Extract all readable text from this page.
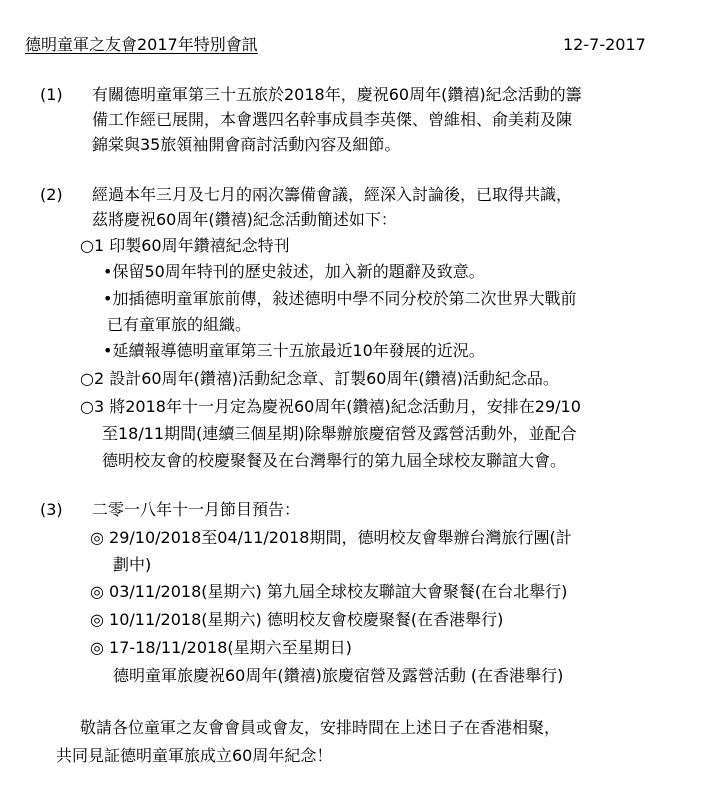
德明童軍之友會2017年特別會訊	12-7-2017
(1)	有關德明童軍第三十五旅於2018年，慶祝60周年(鑽禧)紀念活動的籌
備工作經已展開，本會選四名幹事成員李英傑、曾維相、俞美莉及陳
錦棠與35旅領袖開會商討活動內容及細節。
(2)	經過本年三月及七月的兩次籌備會議，經深入討論後，已取得共識，
茲將慶祝60周年(鑽禧)紀念活動簡述如下：
○1 印製60周年鑽禧紀念特刊
•保留50周年特刊的歷史敍述，加入新的題辭及致意。
•加插德明童軍旅前傳，敍述德明中學不同分校於第二次世界大戰前
已有童軍旅的組織。
•延續報導德明童軍第三十五旅最近10年發展的近況。
○2 設計60周年(鑽禧)活動紀念章、訂製60周年(鑽禧)活動紀念品。
○3 將2018年十一月定為慶祝60周年(鑽禧)紀念活動月，安排在29/10
至18/11期間(連續三個星期)除舉辦旅慶宿營及露營活動外，並配合
德明校友會的校慶聚餐及在台灣舉行的第九屆全球校友聯誼大會。
(3)	二零一八年十一月節目預告：
◎ 29/10/2018至04/11/2018期間，德明校友會舉辦台灣旅行團(計
劃中)
◎ 03/11/2018(星期六) 第九屆全球校友聯誼大會聚餐(在台北舉行)
◎ 10/11/2018(星期六) 德明校友會校慶聚餐(在香港舉行)
◎ 17-18/11/2018(星期六至星期日)
德明童軍旅慶祝60周年(鑽禧)旅慶宿營及露營活動 (在香港舉行)
敬請各位童軍之友會會員或會友，安排時間在上述日子在香港相聚，
共同見証德明童軍旅成立60周年紀念！
